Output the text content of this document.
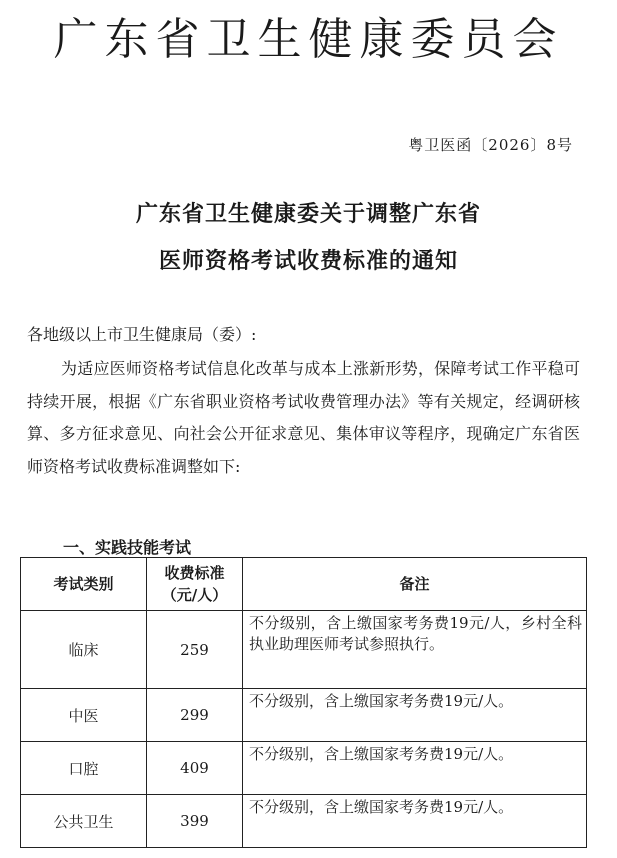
广东省卫生健康委员会
粤卫医函〔2026〕8号
广东省卫生健康委关于调整广东省
医师资格考试收费标准的通知
各地级以上市卫生健康局（委）:

为适应医师资格考试信息化改革与成本上涨新形势，保障考试工作平稳可持续开展，根据《广东省职业资格考试收费管理办法》等有关规定，经调研核算、多方征求意见、向社会公开征求意见、集体审议等程序，现确定广东省医师资格考试收费标准调整如下:

一、实践技能考试
考试类别	收费标准（元/人）	备注
临床	259	不分级别，含上缴国家考务费19元/人，乡村全科执业助理医师考试参照执行。
中医	299	不分级别，含上缴国家考务费19元/人。
口腔	409	不分级别，含上缴国家考务费19元/人。
公共卫生	399	不分级别，含上缴国家考务费19元/人。
